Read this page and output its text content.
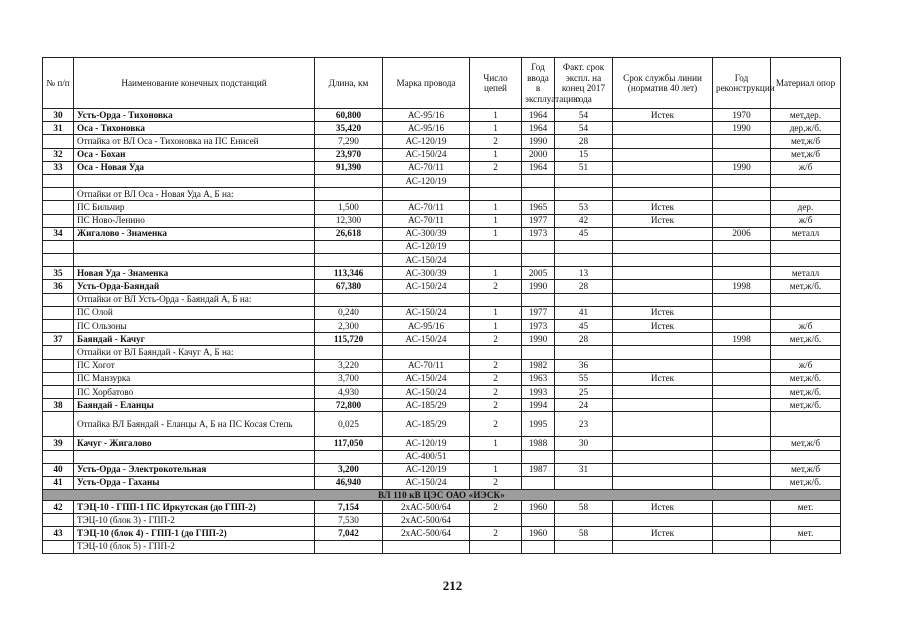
№ п/п	Наименование конечных подстанций	Длина, км	Марка провода	Число цепей	Год ввода в эксплуатацию	Факт. срок экспл. на конец 2017 года	Срок службы линии (норматив 40 лет)	Год реконструкции	Материал опор
30	Усть-Орда - Тихоновка	60,800	АС-95/16	1	1964	54	Истек	1970	мет,дер.
31	Оса - Тихоновка	35,420	АС-95/16	1	1964	54		1990	дер,ж/б.
	Отпайка от ВЛ Оса - Тихоновка на ПС Енисей	7,290	АС-120/19	2	1990	28			мет,ж/б
32	Оса - Бохан	23,970	АС-150/24	1	2000	15			мет,ж/б
33	Оса - Новая Уда	91,390	АС-70/11	2	1964	51		1990	ж/б
			АС-120/19						
	Отпайки от ВЛ Оса - Новая Уда А, Б на:								
	ПС Бильчир	1,500	АС-70/11	1	1965	53	Истек		дер.
	ПС Ново-Ленино	12,300	АС-70/11	1	1977	42	Истек		ж/б
34	Жигалово - Знаменка	26,618	АС-300/39	1	1973	45		2006	металл
			АС-120/19						
			АС-150/24						
35	Новая Уда - Знаменка	113,346	АС-300/39	1	2005	13			металл
36	Усть-Орда-Баяндай	67,380	АС-150/24	2	1990	28		1998	мет,ж/б.
	Отпайки от ВЛ Усть-Орда - Баяндай А, Б на:								
	ПС Олой	0,240	АС-150/24	1	1977	41	Истек		
	ПС Ользоны	2,300	АС-95/16	1	1973	45	Истек		ж/б
37	Баяндай - Качуг	115,720	АС-150/24	2	1990	28		1998	мет,ж/б.
	Отпайки от ВЛ Баяндай - Качуг А, Б на:								
	ПС Хогот	3,220	АС-70/11	2	1982	36			ж/б
	ПС Манзурка	3,700	АС-150/24	2	1963	55	Истек		мет,ж/б.
	ПС Хорбатово	4,930	АС-150/24	2	1993	25			мет,ж/б.
38	Баяндай - Еланцы	72,800	АС-185/29	2	1994	24			мет,ж/б.
	Отпайка ВЛ Баяндай - Еланцы А, Б на ПС Косая Степь	0,025	АС-185/29	2	1995	23			
39	Качуг - Жигалово	117,050	АС-120/19	1	1988	30			мет,ж/б
			АС-400/51						
40	Усть-Орда - Электрокотельная	3,200	АС-120/19	1	1987	31			мет,ж/б
41	Усть-Орда - Гаханы	46,940	АС-150/24	2					мет,ж/б.
ВЛ 110 кВ ЦЭС ОАО «ИЭСК»									
42	ТЭЦ-10 - ГПП-1 ПС Иркутская (до ГПП-2)	7,154	2хАС-500/64	2	1960	58	Истек		мет.
	ТЭЦ-10 (блок 3) - ГПП-2	7,530	2хАС-500/64						
43	ТЭЦ-10 (блок 4) - ГПП-1 (до ГПП-2)	7,042	2хАС-500/64	2	1960	58	Истек		мет.
	ТЭЦ-10 (блок 5) - ГПП-2								
212
